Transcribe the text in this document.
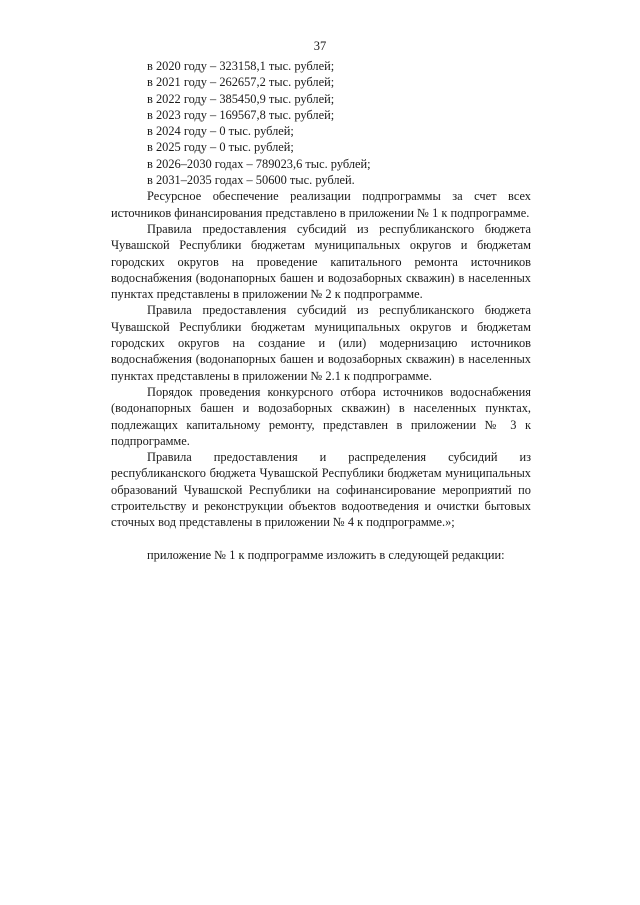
37
в 2020 году – 323158,1 тыс. рублей;
в 2021 году – 262657,2 тыс. рублей;
в 2022 году – 385450,9 тыс. рублей;
в 2023 году – 169567,8 тыс. рублей;
в 2024 году – 0 тыс. рублей;
в 2025 году – 0 тыс. рублей;
в 2026–2030 годах – 789023,6 тыс. рублей;
в 2031–2035 годах – 50600 тыс. рублей.

Ресурсное обеспечение реализации подпрограммы за счет всех источников финансирования представлено в приложении № 1 к подпрограмме.

Правила предоставления субсидий из республиканского бюджета Чувашской Республики бюджетам муниципальных округов и бюджетам городских округов на проведение капитального ремонта источников водоснабжения (водонапорных башен и водозаборных скважин) в населенных пунктах представлены в приложении № 2 к подпрограмме.

Правила предоставления субсидий из республиканского бюджета Чувашской Республики бюджетам муниципальных округов и бюджетам городских округов на создание и (или) модернизацию источников водоснабжения (водонапорных башен и водозаборных скважин) в населенных пунктах представлены в приложении № 2.1 к подпрограмме.

Порядок проведения конкурсного отбора источников водоснабжения (водонапорных башен и водозаборных скважин) в населенных пунктах, подлежащих капитальному ремонту, представлен в приложении № 3 к подпрограмме.

Правила предоставления и распределения субсидий из республиканского бюджета Чувашской Республики бюджетам муниципальных образований Чувашской Республики на софинансирование мероприятий по строительству и реконструкции объектов водоотведения и очистки бытовых сточных вод представлены в приложении № 4 к подпрограмме.»;

приложение № 1 к подпрограмме изложить в следующей редакции:
